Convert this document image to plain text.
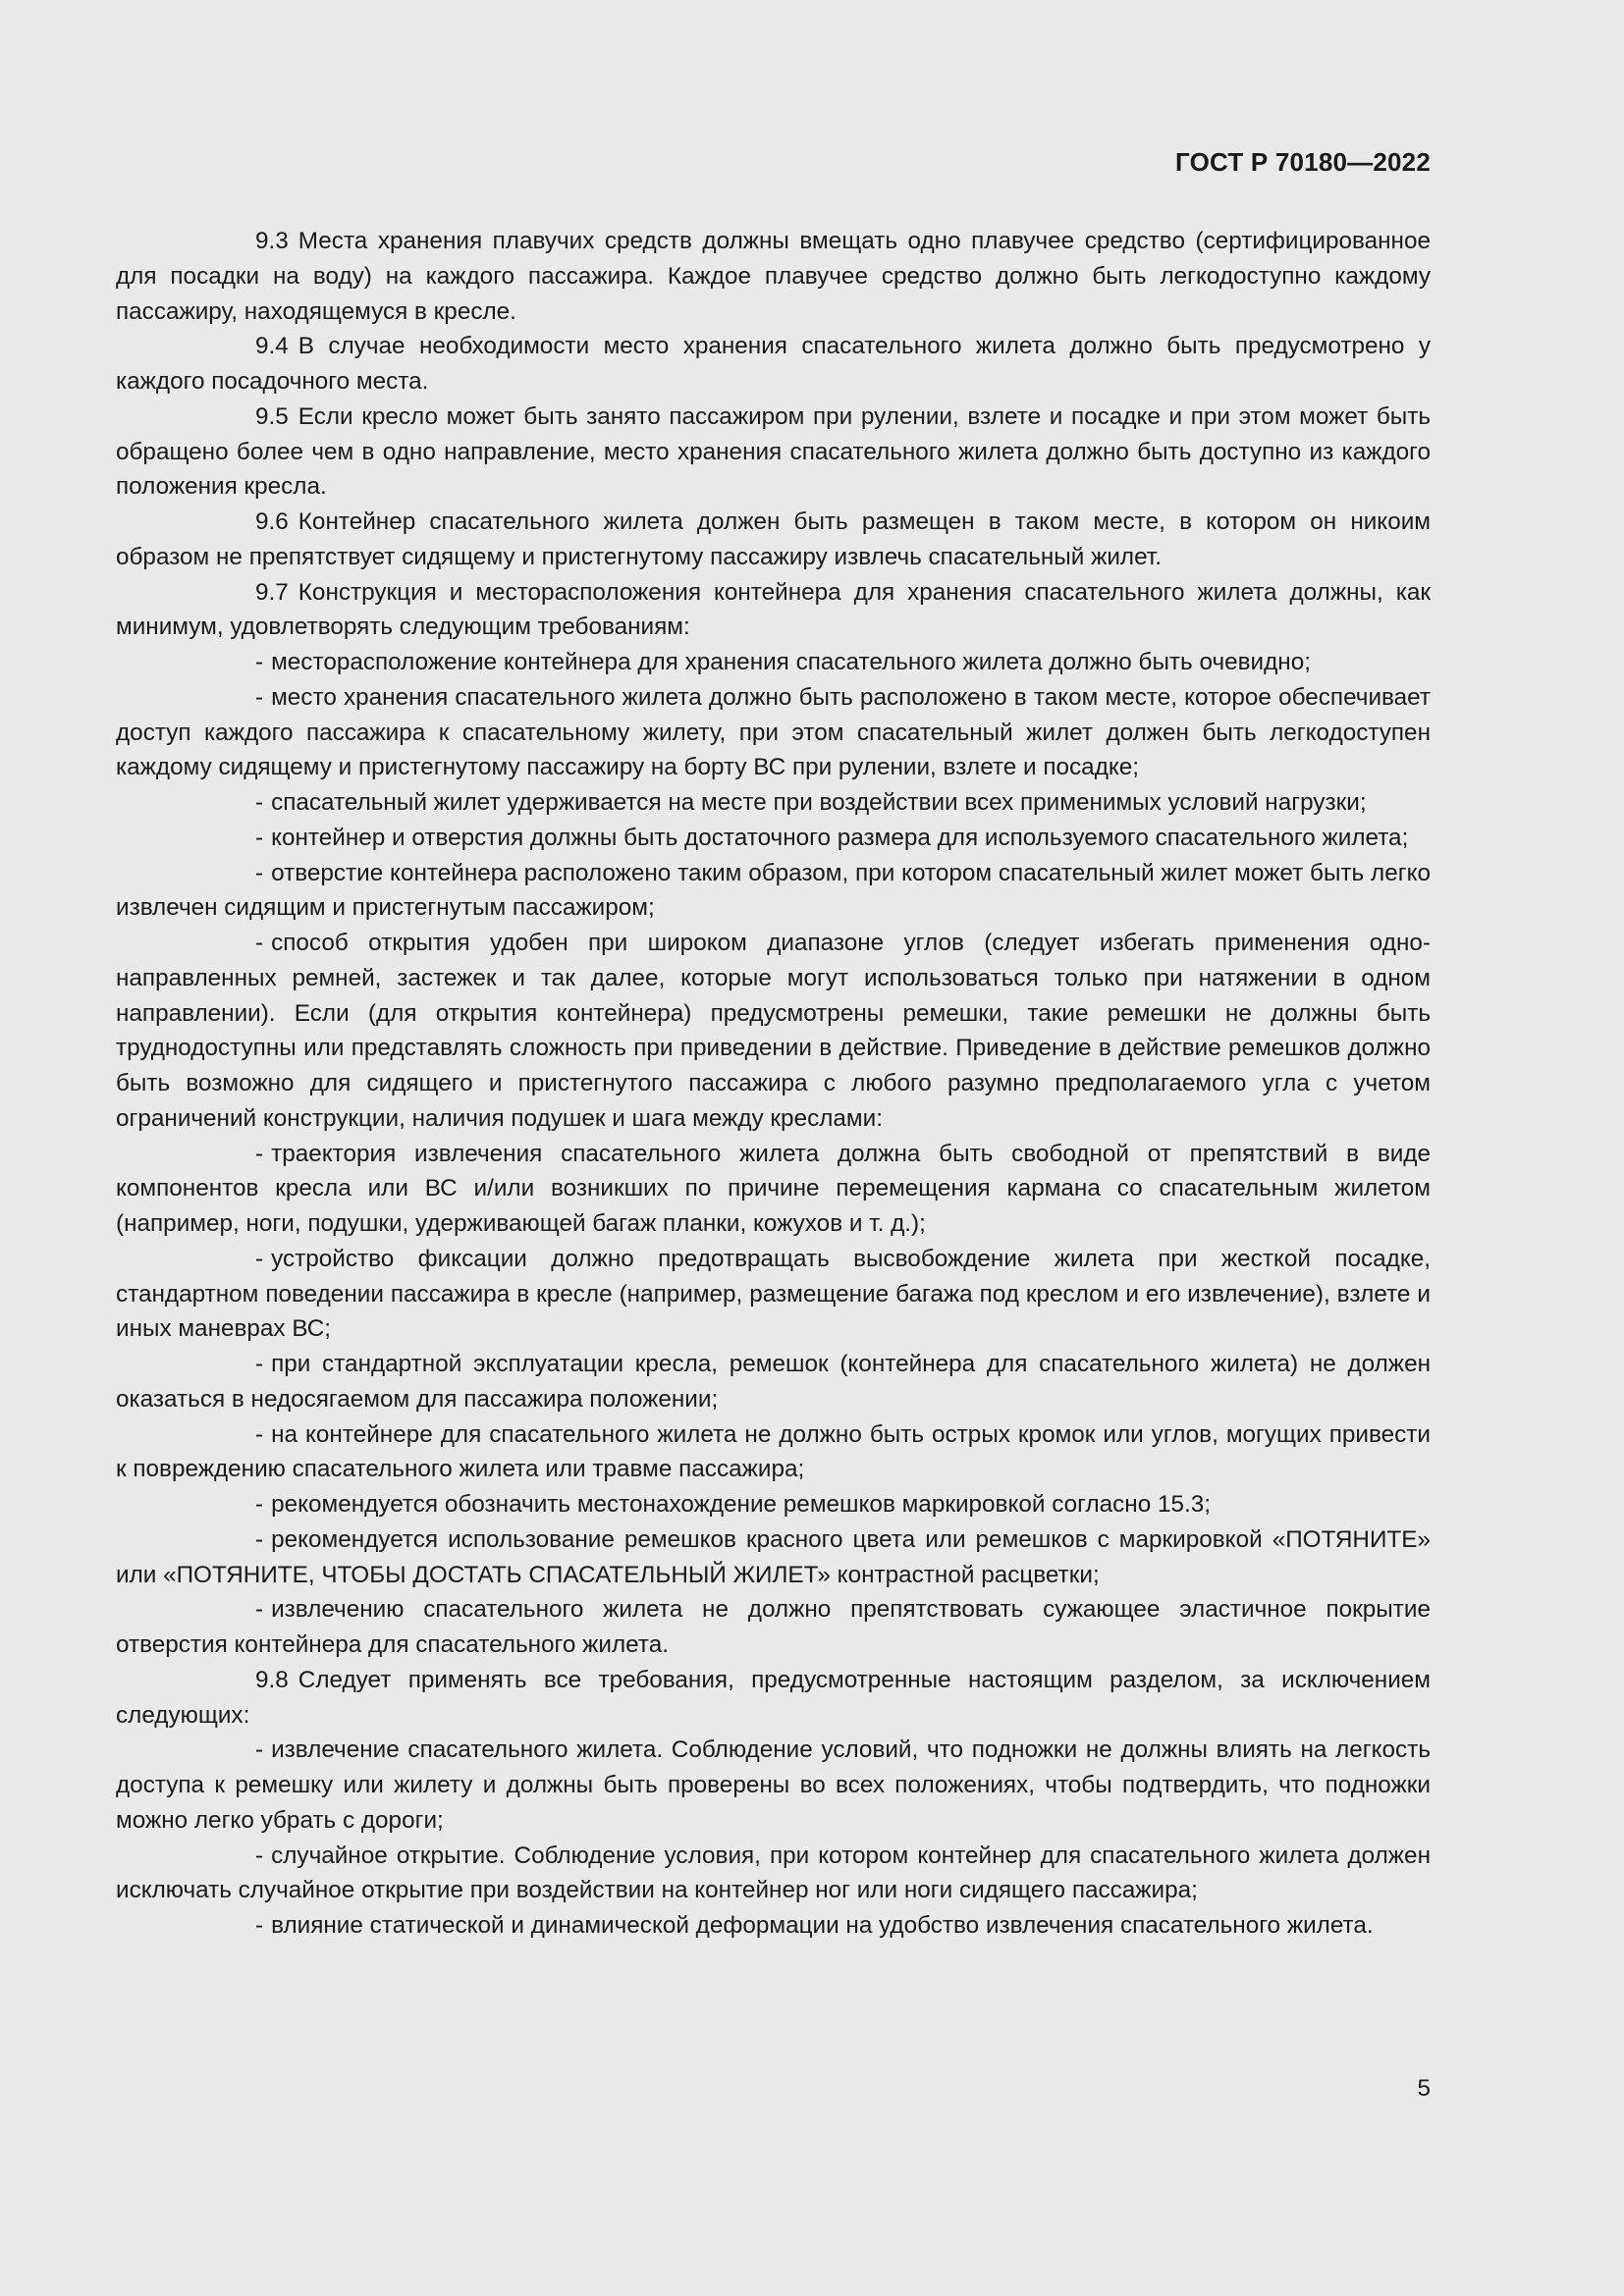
ГОСТ Р 70180—2022

9.3 Места хранения плавучих средств должны вмещать одно плавучее средство (сертифицированное для посадки на воду) на каждого пассажира. Каждое плавучее средство должно быть легкодоступно каждому пассажиру, находящемуся в кресле.

9.4 В случае необходимости место хранения спасательного жилета должно быть предусмотрено у каждого посадочного места.

9.5 Если кресло может быть занято пассажиром при рулении, взлете и посадке и при этом может быть обращено более чем в одно направление, место хранения спасательного жилета должно быть доступно из каждого положения кресла.

9.6 Контейнер спасательного жилета должен быть размещен в таком месте, в котором он никоим образом не препятствует сидящему и пристегнутому пассажиру извлечь спасательный жилет.

9.7 Конструкция и месторасположения контейнера для хранения спасательного жилета должны, как минимум, удовлетворять следующим требованиям:

- месторасположение контейнера для хранения спасательного жилета должно быть очевидно;

- место хранения спасательного жилета должно быть расположено в таком месте, которое обеспечивает доступ каждого пассажира к спасательному жилету, при этом спасательный жилет должен быть легкодоступен каждому сидящему и пристегнутому пассажиру на борту ВС при рулении, взлете и посадке;

- спасательный жилет удерживается на месте при воздействии всех применимых условий нагрузки;

- контейнер и отверстия должны быть достаточного размера для используемого спасательного жилета;

- отверстие контейнера расположено таким образом, при котором спасательный жилет может быть легко извлечен сидящим и пристегнутым пассажиром;

- способ открытия удобен при широком диапазоне углов (следует избегать применения однонаправленных ремней, застежек и так далее, которые могут использоваться только при натяжении в одном направлении). Если (для открытия контейнера) предусмотрены ремешки, такие ремешки не должны быть труднодоступны или представлять сложность при приведении в действие. Приведение в действие ремешков должно быть возможно для сидящего и пристегнутого пассажира с любого разумно предполагаемого угла с учетом ограничений конструкции, наличия подушек и шага между креслами:

- траектория извлечения спасательного жилета должна быть свободной от препятствий в виде компонентов кресла или ВС и/или возникших по причине перемещения кармана со спасательным жилетом (например, ноги, подушки, удерживающей багаж планки, кожухов и т. д.);

- устройство фиксации должно предотвращать высвобождение жилета при жесткой посадке, стандартном поведении пассажира в кресле (например, размещение багажа под креслом и его извлечение), взлете и иных маневрах ВС;

- при стандартной эксплуатации кресла, ремешок (контейнера для спасательного жилета) не должен оказаться в недосягаемом для пассажира положении;

- на контейнере для спасательного жилета не должно быть острых кромок или углов, могущих привести к повреждению спасательного жилета или травме пассажира;

- рекомендуется обозначить местонахождение ремешков маркировкой согласно 15.3;

- рекомендуется использование ремешков красного цвета или ремешков с маркировкой «ПОТЯНИТЕ» или «ПОТЯНИТЕ, ЧТОБЫ ДОСТАТЬ СПАСАТЕЛЬНЫЙ ЖИЛЕТ» контрастной расцветки;

- извлечению спасательного жилета не должно препятствовать сужающее эластичное покрытие отверстия контейнера для спасательного жилета.

9.8 Следует применять все требования, предусмотренные настоящим разделом, за исключением следующих:

- извлечение спасательного жилета. Соблюдение условий, что подножки не должны влиять на легкость доступа к ремешку или жилету и должны быть проверены во всех положениях, чтобы подтвердить, что подножки можно легко убрать с дороги;

- случайное открытие. Соблюдение условия, при котором контейнер для спасательного жилета должен исключать случайное открытие при воздействии на контейнер ног или ноги сидящего пассажира;

- влияние статической и динамической деформации на удобство извлечения спасательного жилета.

5
